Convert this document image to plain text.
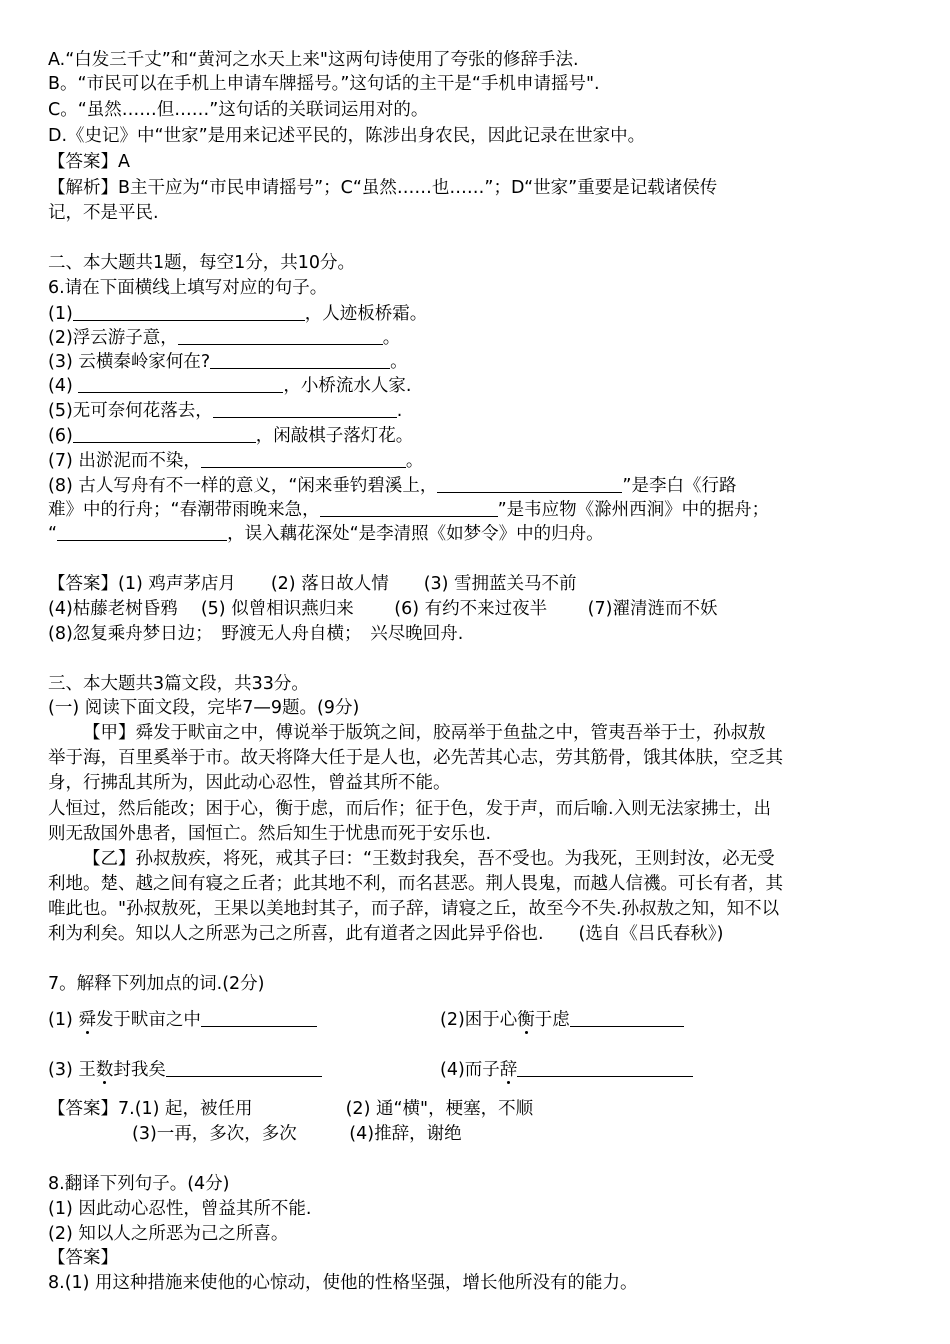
A.“白发三千丈”和“黄河之水天上来"这两句诗使用了夸张的修辞手法.
B。“市民可以在手机上申请车牌摇号。”这句话的主干是“手机申请摇号".
C。“虽然……但……”这句话的关联词运用对的。
D.《史记》中“世家”是用来记述平民的，陈涉出身农民，因此记录在世家中。
【答案】A
【解析】B主干应为“市民申请摇号”；C“虽然……也……”；D“世家”重要是记载诸侯传
记，不是平民.
二、本大题共1题，每空1分，共10分。
6.请在下面横线上填写对应的句子。
(1)	，人迹板桥霜。
(2)浮云游子意，	。
(3) 云横秦岭家何在?	。
(4)	，小桥流水人家.
(5)无可奈何花落去，	.
(6)	，闲敲棋子落灯花。
(7) 出淤泥而不染，	。
(8) 古人写舟有不一样的意义，“闲来垂钓碧溪上，	”是李白《行路
难》中的行舟；“春潮带雨晚来急，	”是韦应物《滁州西涧》中的据舟；
“	，误入藕花深处“是李清照《如梦令》中的归舟。
【答案】(1) 鸡声茅店月　　(2) 落日故人情　　(3) 雪拥蓝关马不前
(4)枯藤老树昏鸦　 (5) 似曾相识燕归来　　 (6) 有约不来过夜半　　 (7)濯清涟而不妖
(8)忽复乘舟梦日边；　野渡无人舟自横；　兴尽晚回舟.
三、本大题共3篇文段，共33分。
(一) 阅读下面文段，完毕7—9题。(9分)
【甲】舜发于畎亩之中，傅说举于版筑之间，胶鬲举于鱼盐之中，管夷吾举于士，孙叔敖
举于海，百里奚举于市。故天将降大任于是人也，必先苦其心志，劳其筋骨，饿其体肤，空乏其
身，行拂乱其所为，因此动心忍性，曾益其所不能。
人恒过，然后能改；困于心，衡于虑，而后作；征于色，发于声，而后喻.入则无法家拂士，出
则无敌国外患者，国恒亡。然后知生于忧患而死于安乐也.
【乙】孙叔敖疾，将死，戒其子曰：“王数封我矣，吾不受也。为我死，王则封汝，必无受
利地。楚、越之间有寝之丘者；此其地不利，而名甚恶。荆人畏鬼，而越人信禨。可长有者，其
唯此也。"孙叔敖死，王果以美地封其子，而子辞，请寝之丘，故至今不失.孙叔敖之知，知不以
利为利矣。知以人之所恶为己之所喜，此有道者之因此异乎俗也.　　(选自《吕氏春秋》)
7。解释下列加点的词.(2分)
(1) 舜发于畎亩之中	(2)困于心衡于虑
(3) 王数封我矣	(4)而子辞
【答案】7.(1) 起，被任用　　　　　 (2) 通“横"，梗塞，不顺
(3)一再，多次，多次　　　(4)推辞，谢绝
8.翻译下列句子。(4分)
(1) 因此动心忍性，曾益其所不能.
(2) 知以人之所恶为己之所喜。
【答案】
8.(1) 用这种措施来使他的心惊动，使他的性格坚强，增长他所没有的能力。
